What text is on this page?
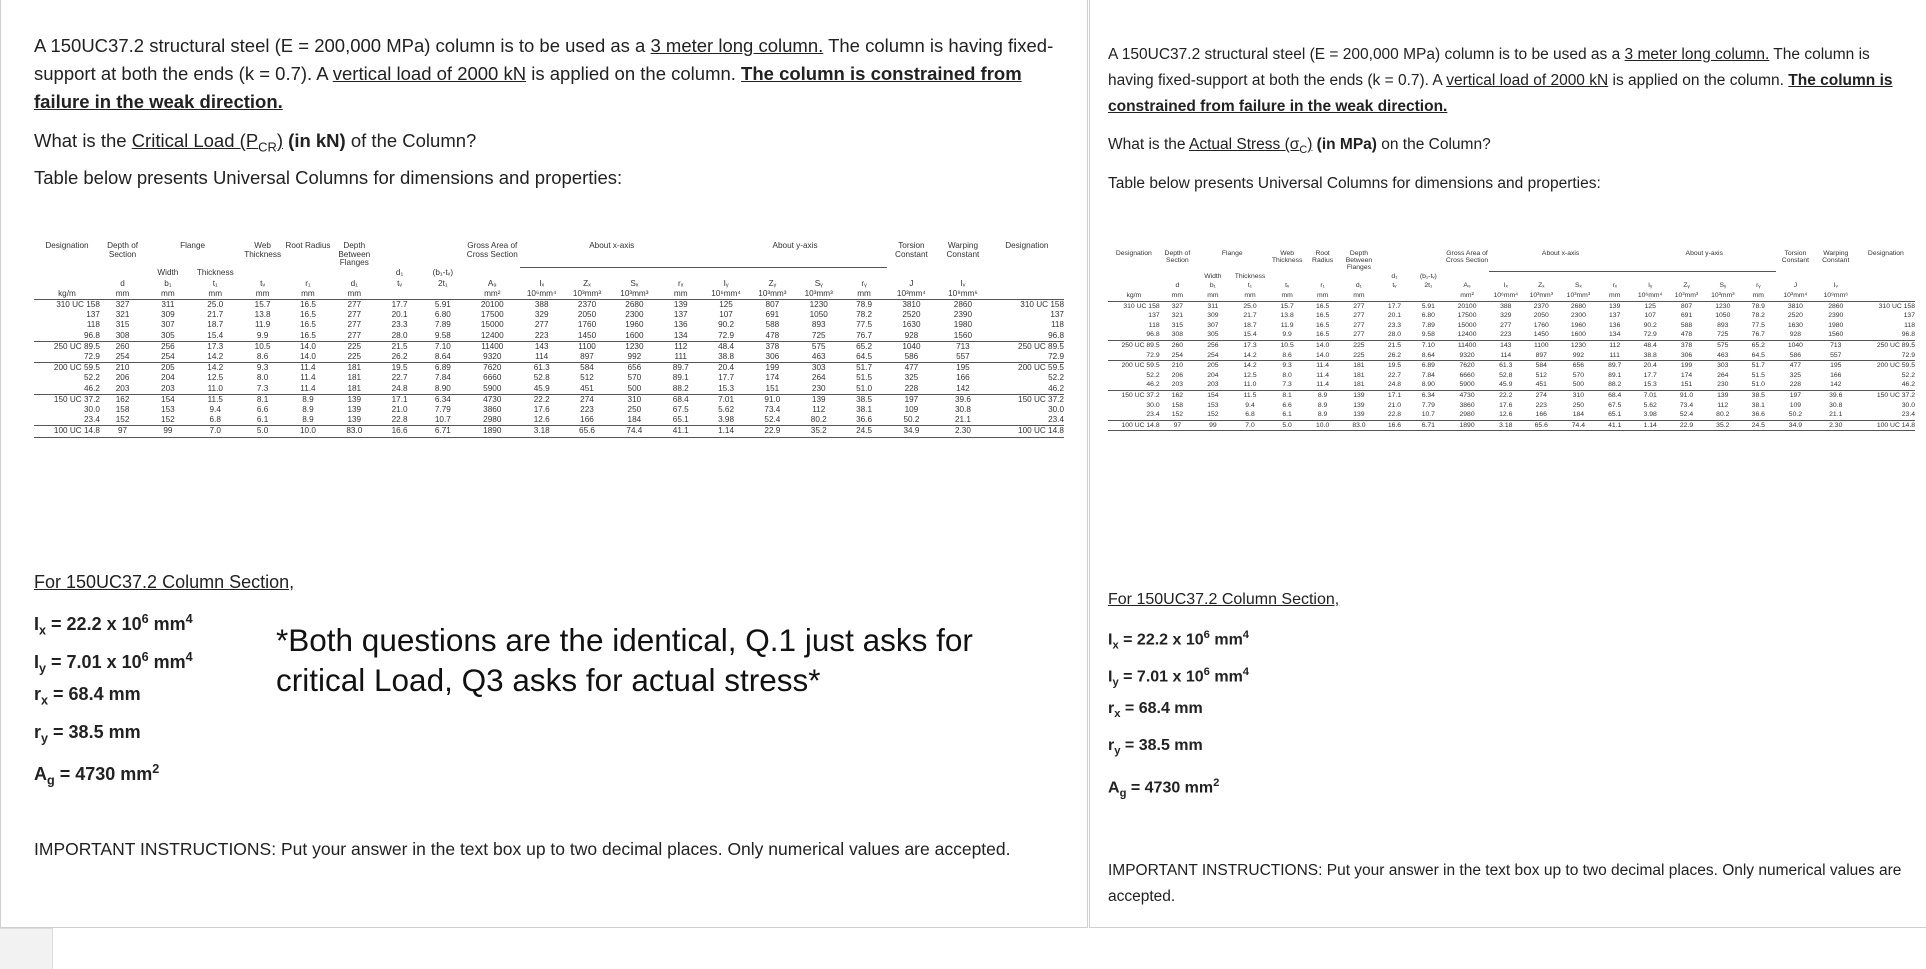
A 150UC37.2 structural steel (E = 200,000 MPa) column is to be used as a 3 meter long column. The column is having fixed-support at both the ends (k = 0.7). A vertical load of 2000 kN is applied on the column. The column is constrained from failure in the weak direction.

What is the Critical Load $(P_{CR})$ (in kN) of the Column?

Table below presents Universal Columns for dimensions and properties:

Designation	Depth of Section	Flange		Web Thickness	Root Radius	Depth Between Flanges			Gross Area of Cross Section	About x-axis				About y-axis				Torsion Constant	Warping Constant	Designation
		Width	Thickness				d₁	(b₁-tᵥ)												
	d	b₁	t₁	tᵥ	r₁	d₁	tᵥ	2t₁	A₉	Iₓ	Zₓ	Sₓ	rₓ	Iᵧ	Zᵧ	Sᵧ	rᵧ	J	Iᵥ	
kg/m	mm	mm	mm	mm	mm	mm			mm²	10⁶mm⁴	10³mm³	10³mm³	mm	10⁶mm⁴	10³mm³	10³mm³	mm	10³mm⁴	10⁹mm⁶	
310 UC 158	327	311	25.0	15.7	16.5	277	17.7	5.91	20100	388	2370	2680	139	125	807	1230	78.9	3810	2860	310 UC 158
137	321	309	21.7	13.8	16.5	277	20.1	6.80	17500	329	2050	2300	137	107	691	1050	78.2	2520	2390	137
118	315	307	18.7	11.9	16.5	277	23.3	7.89	15000	277	1760	1960	136	90.2	588	893	77.5	1630	1980	118
96.8	308	305	15.4	9.9	16.5	277	28.0	9.58	12400	223	1450	1600	134	72.9	478	725	76.7	928	1560	96.8
250 UC 89.5	260	256	17.3	10.5	14.0	225	21.5	7.10	11400	143	1100	1230	112	48.4	378	575	65.2	1040	713	250 UC 89.5
72.9	254	254	14.2	8.6	14.0	225	26.2	8.64	9320	114	897	992	111	38.8	306	463	64.5	586	557	72.9
200 UC 59.5	210	205	14.2	9.3	11.4	181	19.5	6.89	7620	61.3	584	656	89.7	20.4	199	303	51.7	477	195	200 UC 59.5
52.2	206	204	12.5	8.0	11.4	181	22.7	7.84	6660	52.8	512	570	89.1	17.7	174	264	51.5	325	166	52.2
46.2	203	203	11.0	7.3	11.4	181	24.8	8.90	5900	45.9	451	500	88.2	15.3	151	230	51.0	228	142	46.2
150 UC 37.2	162	154	11.5	8.1	8.9	139	17.1	6.34	4730	22.2	274	310	68.4	7.01	91.0	139	38.5	197	39.6	150 UC 37.2
30.0	158	153	9.4	6.6	8.9	139	21.0	7.79	3860	17.6	223	250	67.5	5.62	73.4	112	38.1	109	30.8	30.0
23.4	152	152	6.8	6.1	8.9	139	22.8	10.7	2980	12.6	166	184	65.1	3.98	52.4	80.2	36.6	50.2	21.1	23.4
100 UC 14.8	97	99	7.0	5.0	10.0	83.0	16.6	6.71	1890	3.18	65.6	74.4	41.1	1.14	22.9	35.2	24.5	34.9	2.30	100 UC 14.8
For 150UC37.2 Column Section,
$I_x = 22.2$ x $10^6$ $mm^4$
$I_y = 7.01$ x $10^6$ $mm^4$
$r_x = 68.4$ mm
$r_y = 38.5$ mm
$A_g = 4730$ $mm^2$
*Both questions are the identical, Q.1 just asks for critical Load, Q3 asks for actual stress*
IMPORTANT INSTRUCTIONS: Put your answer in the text box up to two decimal places. Only numerical values are accepted.

A 150UC37.2 structural steel (E = 200,000 MPa) column is to be used as a 3 meter long column. The column is having fixed-support at both the ends (k = 0.7). A vertical load of 2000 kN is applied on the column. The column is constrained from failure in the weak direction.

What is the Actual Stress $(\sigma_C)$ (in MPa) on the Column?

Table below presents Universal Columns for dimensions and properties:

Designation	Depth of Section	Flange		Web Thickness	Root Radius	Depth Between Flanges			Gross Area of Cross Section	About x-axis				About y-axis				Torsion Constant	Warping Constant	Designation
		Width	Thickness				d₁	(b₁-tᵥ)												
	d	b₁	t₁	tᵥ	r₁	d₁	tᵥ	2t₁	A₉	Iₓ	Zₓ	Sₓ	rₓ	Iᵧ	Zᵧ	Sᵧ	rᵧ	J	Iᵥ	
kg/m	mm	mm	mm	mm	mm	mm			mm²	10⁶mm⁴	10³mm³	10³mm³	mm	10⁶mm⁴	10³mm³	10³mm³	mm	10³mm⁴	10⁹mm⁶	
310 UC 158	327	311	25.0	15.7	16.5	277	17.7	5.91	20100	388	2370	2680	139	125	807	1230	78.9	3810	2860	310 UC 158
137	321	309	21.7	13.8	16.5	277	20.1	6.80	17500	329	2050	2300	137	107	691	1050	78.2	2520	2390	137
118	315	307	18.7	11.9	16.5	277	23.3	7.89	15000	277	1760	1960	136	90.2	588	893	77.5	1630	1980	118
96.8	308	305	15.4	9.9	16.5	277	28.0	9.58	12400	223	1450	1600	134	72.9	478	725	76.7	928	1560	96.8
250 UC 89.5	260	256	17.3	10.5	14.0	225	21.5	7.10	11400	143	1100	1230	112	48.4	378	575	65.2	1040	713	250 UC 89.5
72.9	254	254	14.2	8.6	14.0	225	26.2	8.64	9320	114	897	992	111	38.8	306	463	64.5	586	557	72.9
200 UC 59.5	210	205	14.2	9.3	11.4	181	19.5	6.89	7620	61.3	584	656	89.7	20.4	199	303	51.7	477	195	200 UC 59.5
52.2	206	204	12.5	8.0	11.4	181	22.7	7.84	6660	52.8	512	570	89.1	17.7	174	264	51.5	325	166	52.2
46.2	203	203	11.0	7.3	11.4	181	24.8	8.90	5900	45.9	451	500	88.2	15.3	151	230	51.0	228	142	46.2
150 UC 37.2	162	154	11.5	8.1	8.9	139	17.1	6.34	4730	22.2	274	310	68.4	7.01	91.0	139	38.5	197	39.6	150 UC 37.2
30.0	158	153	9.4	6.6	8.9	139	21.0	7.79	3860	17.6	223	250	67.5	5.62	73.4	112	38.1	109	30.8	30.0
23.4	152	152	6.8	6.1	8.9	139	22.8	10.7	2980	12.6	166	184	65.1	3.98	52.4	80.2	36.6	50.2	21.1	23.4
100 UC 14.8	97	99	7.0	5.0	10.0	83.0	16.6	6.71	1890	3.18	65.6	74.4	41.1	1.14	22.9	35.2	24.5	34.9	2.30	100 UC 14.8
For 150UC37.2 Column Section,
$I_x = 22.2$ x $10^6$ $mm^4$
$I_y = 7.01$ x $10^6$ $mm^4$
$r_x = 68.4$ mm
$r_y = 38.5$ mm
$A_g = 4730$ $mm^2$
IMPORTANT INSTRUCTIONS: Put your answer in the text box up to two decimal places. Only numerical values are accepted.
